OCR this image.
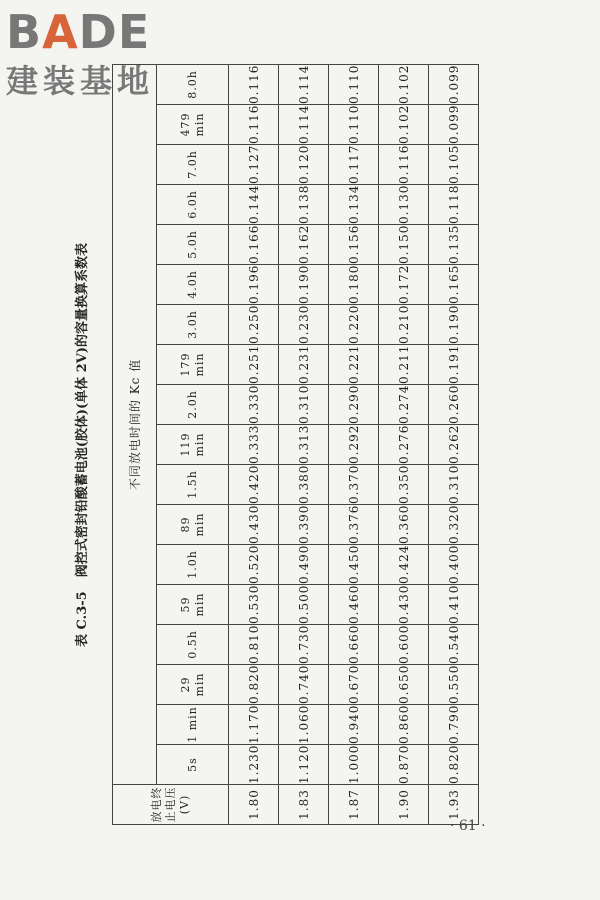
BADE
建装基地
表 C.3-5阀控式密封铅酸蓄电池(胶体)(单体 2V)的容量换算系数表
放电终止电压(V)	不同放电时间的 Kc 值																	
	5s	1 min	29 min	0.5h	59 min	1.0h	89 min	1.5h	119 min	2.0h	179 min	3.0h	4.0h	5.0h	6.0h	7.0h	479 min	8.0h
1.80	1.230	1.170	0.820	0.810	0.530	0.520	0.430	0.420	0.333	0.330	0.251	0.250	0.196	0.166	0.144	0.127	0.116	0.116
1.83	1.120	1.060	0.740	0.730	0.500	0.490	0.390	0.380	0.313	0.310	0.231	0.230	0.190	0.162	0.138	0.120	0.114	0.114
1.87	1.000	0.940	0.670	0.660	0.460	0.450	0.376	0.370	0.292	0.290	0.221	0.220	0.180	0.156	0.134	0.117	0.110	0.110
1.90	0.870	0.860	0.650	0.600	0.430	0.424	0.360	0.350	0.276	0.274	0.211	0.210	0.172	0.150	0.130	0.116	0.102	0.102
1.93	0.820	0.790	0.550	0.540	0.410	0.400	0.320	0.310	0.262	0.260	0.191	0.190	0.165	0.135	0.118	0.105	0.099	0.099
· 61 ·
